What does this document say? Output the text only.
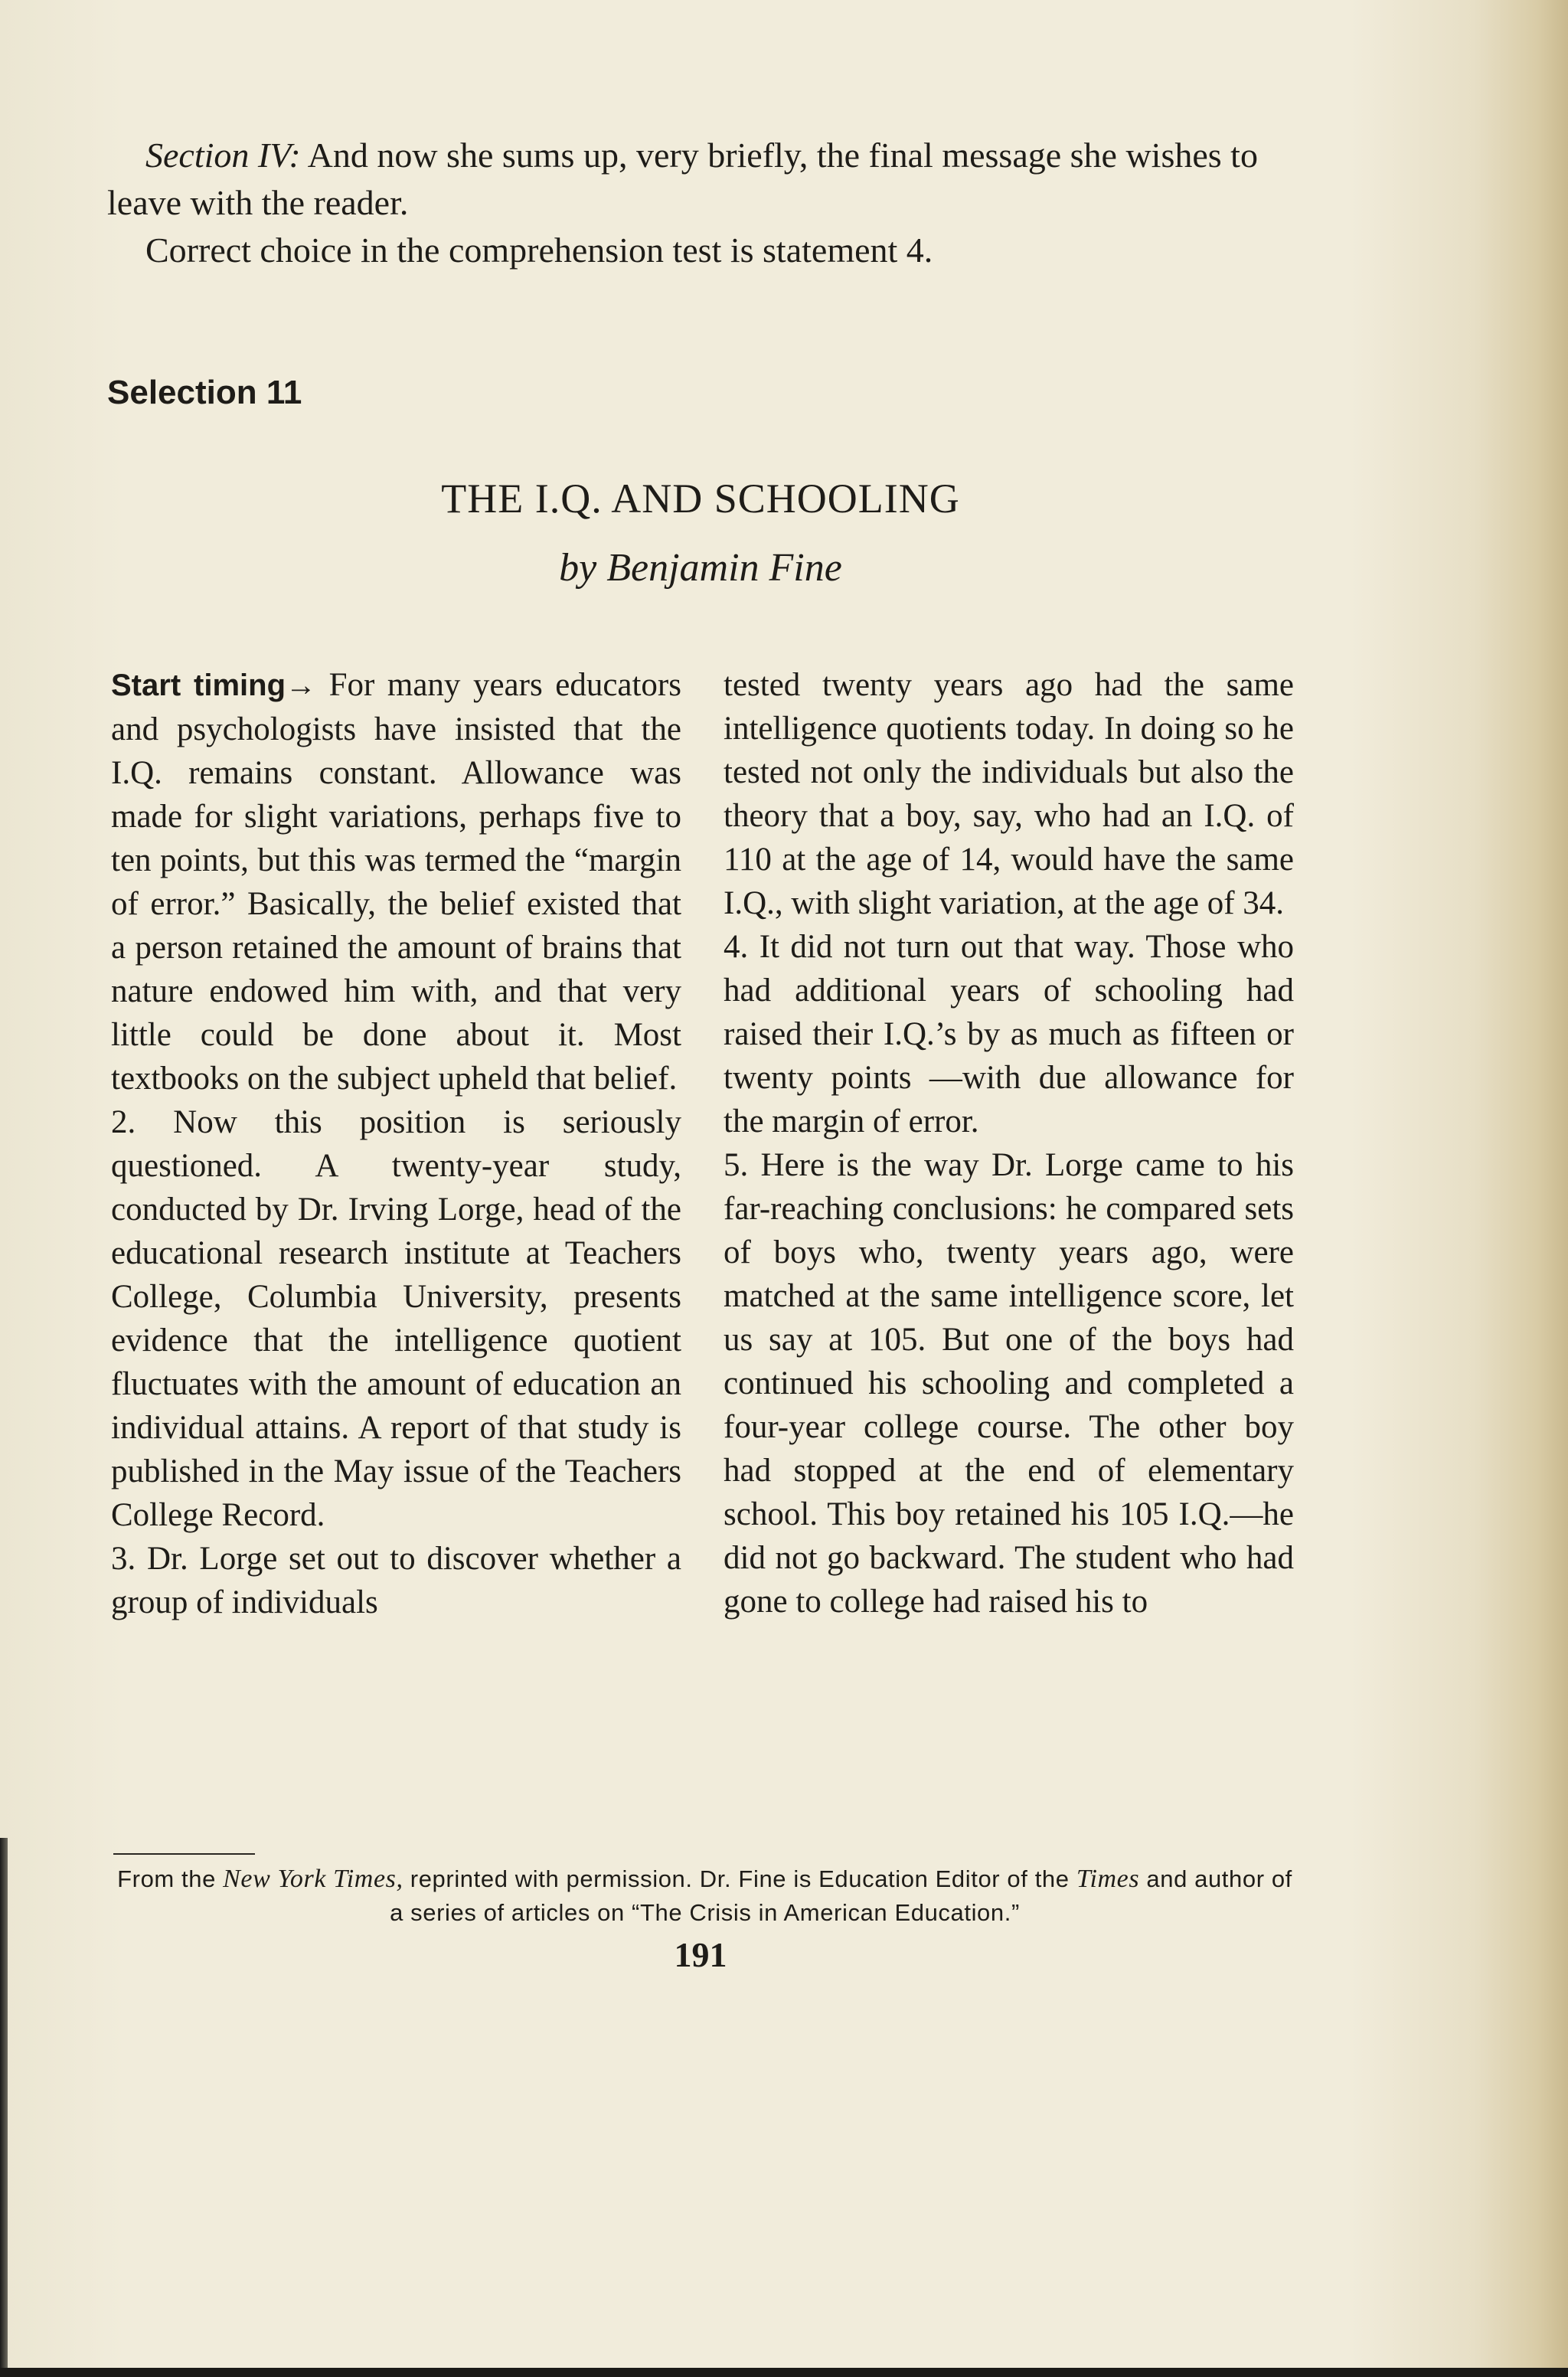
Section IV: And now she sums up, very briefly, the final message she wishes to leave with the reader.

Correct choice in the comprehension test is statement 4.

Selection 11
THE I.Q. AND SCHOOLING
by Benjamin Fine

Start timing→ For many years educators and psychologists have insisted that the I.Q. remains constant. Allowance was made for slight variations, perhaps five to ten points, but this was termed the “margin of error.” Basically, the belief existed that a person retained the amount of brains that nature endowed him with, and that very little could be done about it. Most textbooks on the subject upheld that belief.

2. Now this position is seriously questioned. A twenty-year study, conducted by Dr. Irving Lorge, head of the educational research institute at Teachers College, Columbia University, presents evidence that the intelligence quotient fluctuates with the amount of education an individual attains. A report of that study is published in the May issue of the Teachers College Record.

3. Dr. Lorge set out to discover whether a group of individuals

tested twenty years ago had the same intelligence quotients today. In doing so he tested not only the individuals but also the theory that a boy, say, who had an I.Q. of 110 at the age of 14, would have the same I.Q., with slight variation, at the age of 34.

4. It did not turn out that way. Those who had additional years of schooling had raised their I.Q.’s by as much as fifteen or twenty points —with due allowance for the margin of error.

5. Here is the way Dr. Lorge came to his far-reaching conclusions: he compared sets of boys who, twenty years ago, were matched at the same intelligence score, let us say at 105. But one of the boys had continued his schooling and completed a four-year college course. The other boy had stopped at the end of elementary school. This boy retained his 105 I.Q.—he did not go backward. The student who had gone to college had raised his to

From the New York Times, reprinted with permission. Dr. Fine is Education Editor of the Times and author of a series of articles on “The Crisis in American Education.”
191
